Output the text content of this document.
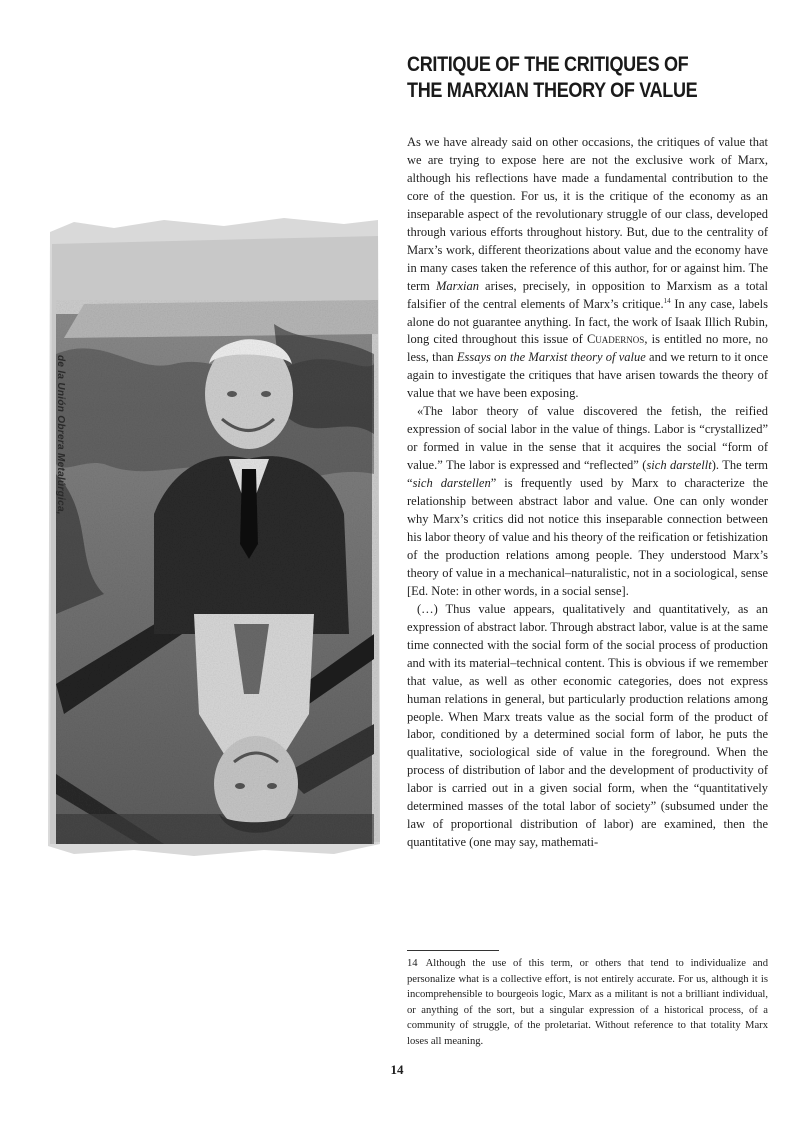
de la Unión Obrera Metalúrgica,
CRITIQUE OF THE CRITIQUES OF
THE MARXIAN THEORY OF VALUE

As we have already said on other occasions, the critiques of value that we are trying to expose here are not the exclusive work of Marx, although his reflections have made a fundamental contribution to the core of the question. For us, it is the critique of the economy as an inseparable aspect of the revolutionary struggle of our class, developed through various efforts throughout history. But, due to the centrality of Marx’s work, different theorizations about value and the economy have in many cases taken the reference of this author, for or against him. The term Marxian arises, precisely, in opposition to Marxism as a total falsifier of the central elements of Marx’s critique.$^{14}$ In any case, labels alone do not guarantee anything. In fact, the work of Isaak Illich Rubin, long cited throughout this issue of Cuadernos, is entitled no more, no less, than Essays on the Marxist theory of value and we return to it once again to investigate the critiques that have arisen towards the theory of value that we have been exposing.

«The labor theory of value discovered the fetish, the reified expression of social labor in the value of things. Labor is “crystallized” or formed in value in the sense that it acquires the social “form of value.” The labor is expressed and “reflected” (sich darstellt). The term “sich darstellen” is frequently used by Marx to characterize the relationship between abstract labor and value. One can only wonder why Marx’s critics did not notice this inseparable connection between his labor theory of value and his theory of the reification or fetishization of the production relations among people. They understood Marx’s theory of value in a mechanical–naturalistic, not in a sociological, sense [Ed. Note: in other words, in a social sense].

(…) Thus value appears, qualitatively and quantitatively, as an expression of abstract labor. Through abstract labor, value is at the same time connected with the social form of the social process of production and with its material–technical content. This is obvious if we remember that value, as well as other economic categories, does not express human relations in general, but particularly production relations among people. When Marx treats value as the social form of the product of labor, conditioned by a determined social form of labor, he puts the qualitative, sociological side of value in the foreground. When the process of distribution of labor and the development of productivity of labor is carried out in a given social form, when the “quantitatively determined masses of the total labor of society” (subsumed under the law of proportional distribution of labor) are examined, then the quantitative (one may say, mathemati-

14 Although the use of this term, or others that tend to individualize and personalize what is a collective effort, is not entirely accurate. For us, although it is incomprehensible to bourgeois logic, Marx as a militant is not a brilliant individual, or anything of the sort, but a singular expression of a historical process, of a community of struggle, of the proletariat. Without reference to that totality Marx loses all meaning.
14
